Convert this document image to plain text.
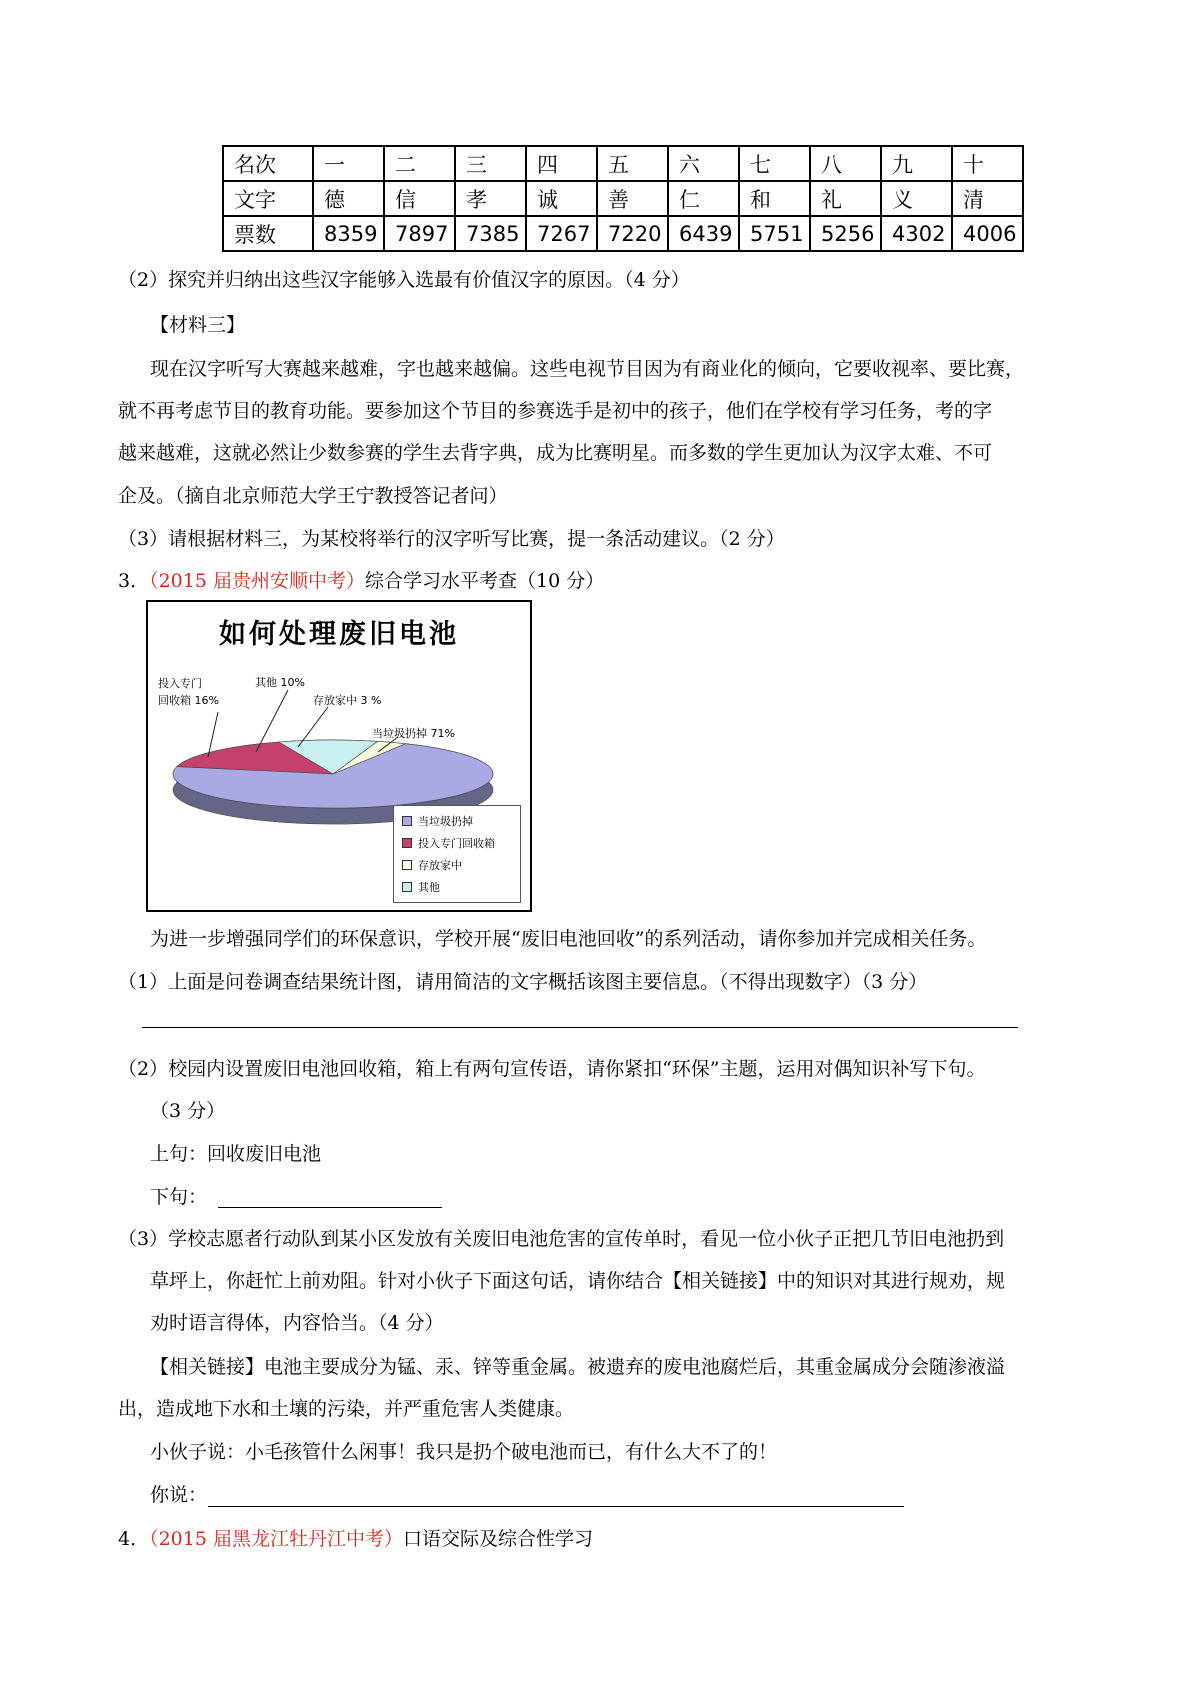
名次	一	二	三	四	五	六	七	八	九	十
文字	德	信	孝	诚	善	仁	和	礼	义	清
票数	8359	7897	7385	7267	7220	6439	5751	5256	4302	4006
（2）探究并归纳出这些汉字能够入选最有价值汉字的原因。（4 分）
【材料三】
现在汉字听写大赛越来越难，字也越来越偏。这些电视节目因为有商业化的倾向，它要收视率、要比赛，
就不再考虑节目的教育功能。要参加这个节目的参赛选手是初中的孩子，他们在学校有学习任务，考的字
越来越难，这就必然让少数参赛的学生去背字典，成为比赛明星。而多数的学生更加认为汉字太难、不可
企及。（摘自北京师范大学王宁教授答记者问）
（3）请根据材料三，为某校将举行的汉字听写比赛，提一条活动建议。（2 分）
3．（2015 届贵州安顺中考）综合学习水平考查（10 分）
如何处理废旧电池
投入专门
回收箱 16%
其他 10%
存放家中 3 %
当垃圾扔掉 71%
当垃圾扔掉
投入专门回收箱
存放家中
其他
为进一步增强同学们的环保意识，学校开展“废旧电池回收”的系列活动，请你参加并完成相关任务。
（1）上面是问卷调查结果统计图，请用简洁的文字概括该图主要信息。（不得出现数字）（3 分）
（2）校园内设置废旧电池回收箱，箱上有两句宣传语，请你紧扣“环保”主题，运用对偶知识补写下句。
（3 分）
上句：回收废旧电池
下句：
（3）学校志愿者行动队到某小区发放有关废旧电池危害的宣传单时，看见一位小伙子正把几节旧电池扔到
草坪上，你赶忙上前劝阻。针对小伙子下面这句话，请你结合【相关链接】中的知识对其进行规劝，规
劝时语言得体，内容恰当。（4 分）
【相关链接】电池主要成分为锰、汞、锌等重金属。被遗弃的废电池腐烂后，其重金属成分会随渗液溢
出，造成地下水和土壤的污染，并严重危害人类健康。
小伙子说：小毛孩管什么闲事！我只是扔个破电池而已，有什么大不了的！
你说：
4．（2015 届黑龙江牡丹江中考）口语交际及综合性学习
